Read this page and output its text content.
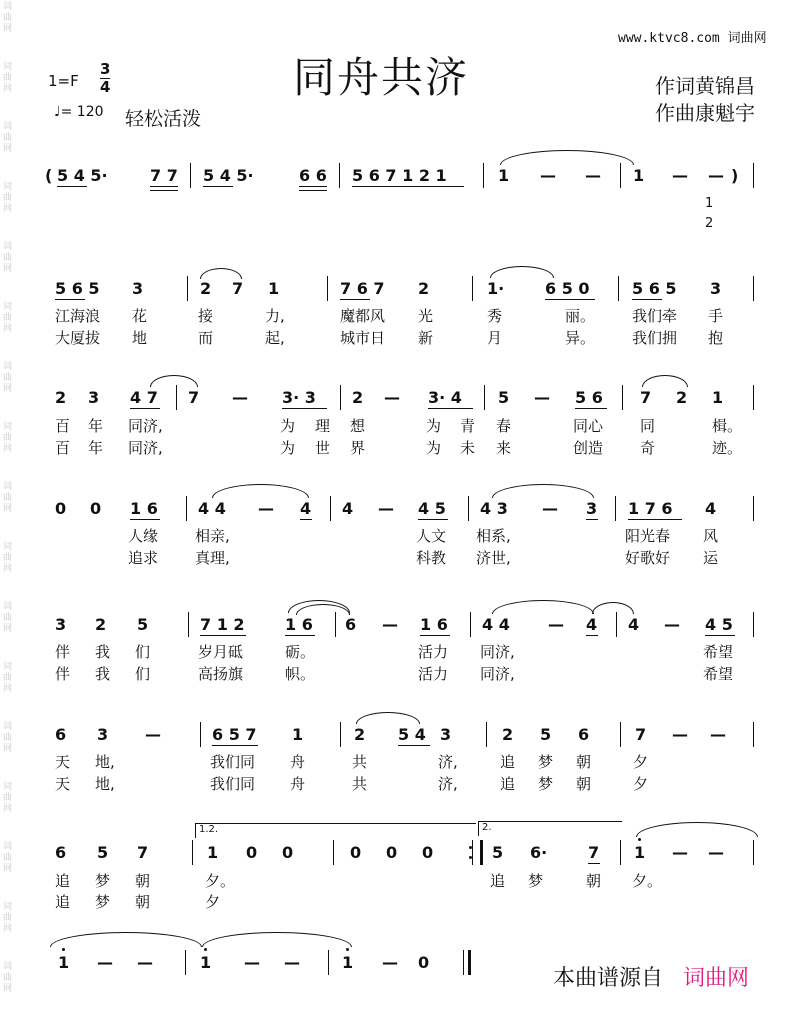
词
曲
网
词
曲
网
词
曲
网
词
曲
网
词
曲
网
词
曲
网
词
曲
网
词
曲
网
词
曲
网
词
曲
网
词
曲
网
词
曲
网
词
曲
网
词
曲
网
词
曲
网
词
曲
网
词
曲
网
www.ktvc8.com 词曲网
同舟共济	作词黄锦昌
作曲康魁宇
1=F
3
4
♩= 120 轻松活泼
( 5 4 5·	7 7 5 4 5·	6 6 5 6 7 1 2 1	1 — — 1 — — )
1
2
5 6 5 3	2 7 1	7 6 7 2	1·	6 5 0	5 6 5 3
江海浪 花	接	力,	魔都风 光	秀	丽。 我们牵 手
大厦拔 地	而	起,	城市日 新	月	异。 我们拥 抱
2 3 4 7 7 — 3· 3 2 — 3· 4 5 — 5 6 7 2 1
百 年 同济,	为 理 想	为 青 春	同心 同	楫。
百 年 同济,	为 世 界	为 未 来	创造 奇	迹。
0 0 1 6	4 4 — 4 4 — 4 5 4 3 — 3 1 7 6 4
人缘 相亲,	人文 相系,	阳光春 风
追求 真理,	科教 济世,	好歌好 运
3 2 5	7 1 2	1 6 6 — 1 6 4 4 — 4 4 — 4 5
伴 我 们	岁月砥	砺。	活力 同济,	希望
伴 我 们	高扬旗	帜。	活力 同济,	希望
6 3 —	6 5 7 1	2 5 4 3	2 5 6	7 — —
天 地,	我们同 舟	共	济,	追 梦 朝	夕
天 地,	我们同 舟	共	济,	追 梦 朝	夕
1.2.	2.
6 5 7	1 0 0	0 0 0	5 6·	7 1 — —
追 梦 朝	夕。	追 梦	朝 夕。
追 梦 朝	夕
1 — —	1 — —	1 — 0
本曲谱源自 词曲网
